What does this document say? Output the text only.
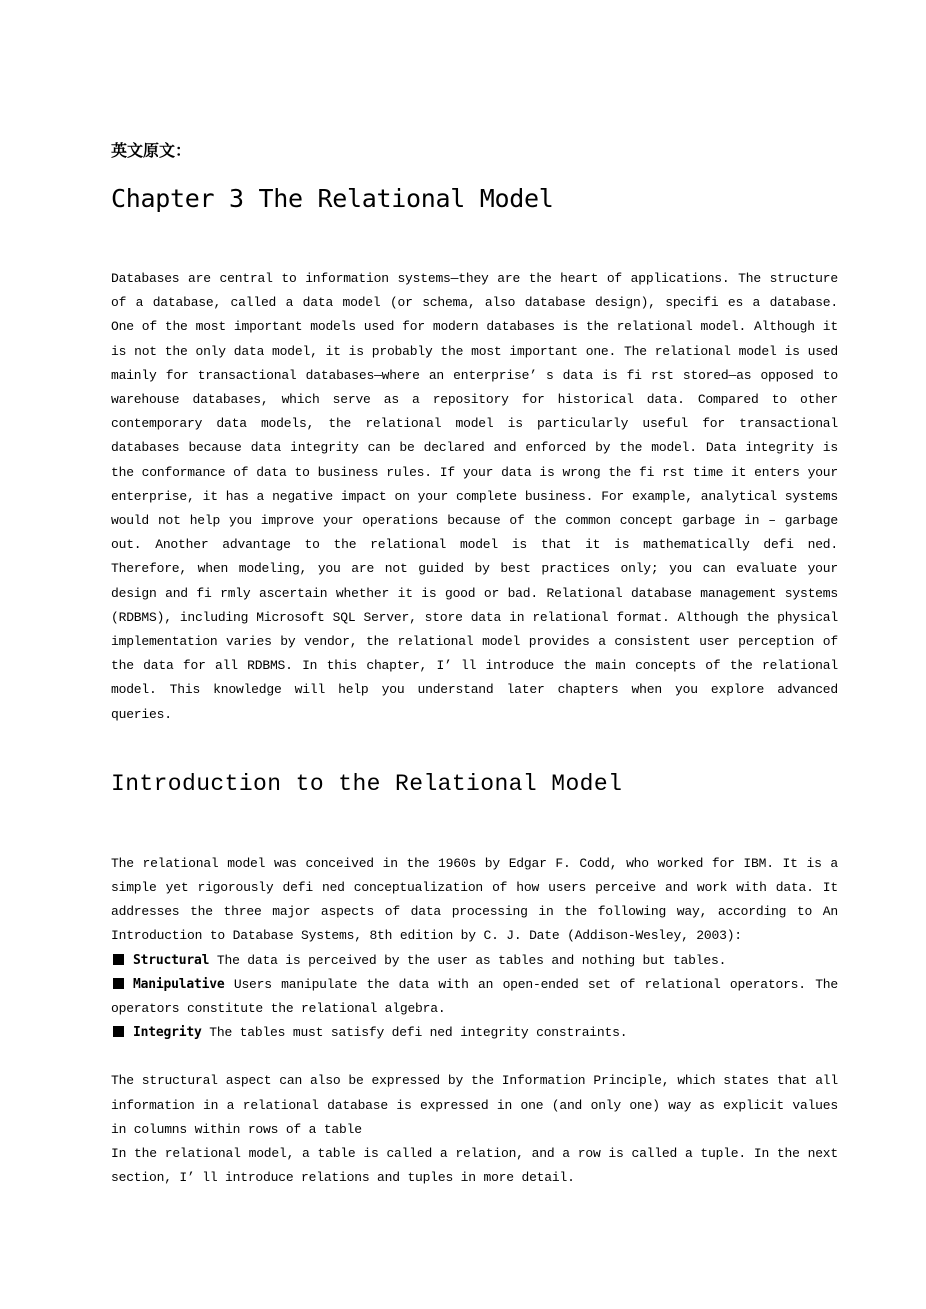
英文原文：

Chapter 3 The Relational Model

Databases are central to information systems—they are the heart of applications. The structure of a database, called a data model (or schema, also database design), specifi es a database. One of the most important models used for modern databases is the relational model. Although it is not the only data model, it is probably the most important one. The relational model is used mainly for transactional databases—where an enterprise’ s data is fi rst stored—as opposed to warehouse databases, which serve as a repository for historical data. Compared to other contemporary data models, the relational model is particularly useful for transactional databases because data integrity can be declared and enforced by the model. Data integrity is the conformance of data to business rules. If your data is wrong the fi rst time it enters your enterprise, it has a negative impact on your complete business. For example, analytical systems would not help you improve your operations because of the common concept garbage in – garbage out. Another advantage to the relational model is that it is mathematically defi ned. Therefore, when modeling, you are not guided by best practices only; you can evaluate your design and fi rmly ascertain whether it is good or bad. Relational database management systems (RDBMS), including Microsoft SQL Server, store data in relational format. Although the physical implementation varies by vendor, the relational model provides a consistent user perception of the data for all RDBMS. In this chapter, I’ ll introduce the main concepts of the relational model. This knowledge will help you understand later chapters when you explore advanced queries.

Introduction to the Relational Model

The relational model was conceived in the 1960s by Edgar F. Codd, who worked for IBM. It is a simple yet rigorously defi ned conceptualization of how users perceive and work with data. It addresses the three major aspects of data processing in the following way, according to An Introduction to Database Systems, 8th edition by C. J. Date (Addison-Wesley, 2003):

Structural The data is perceived by the user as tables and nothing but tables.

Manipulative Users manipulate the data with an open-ended set of relational operators. The operators constitute the relational algebra.

Integrity The tables must satisfy defi ned integrity constraints.

The structural aspect can also be expressed by the Information Principle, which states that all information in a relational database is expressed in one (and only one) way as explicit values in columns within rows of a table

In the relational model, a table is called a relation, and a row is called a tuple. In the next section, I’ ll introduce relations and tuples in more detail.
